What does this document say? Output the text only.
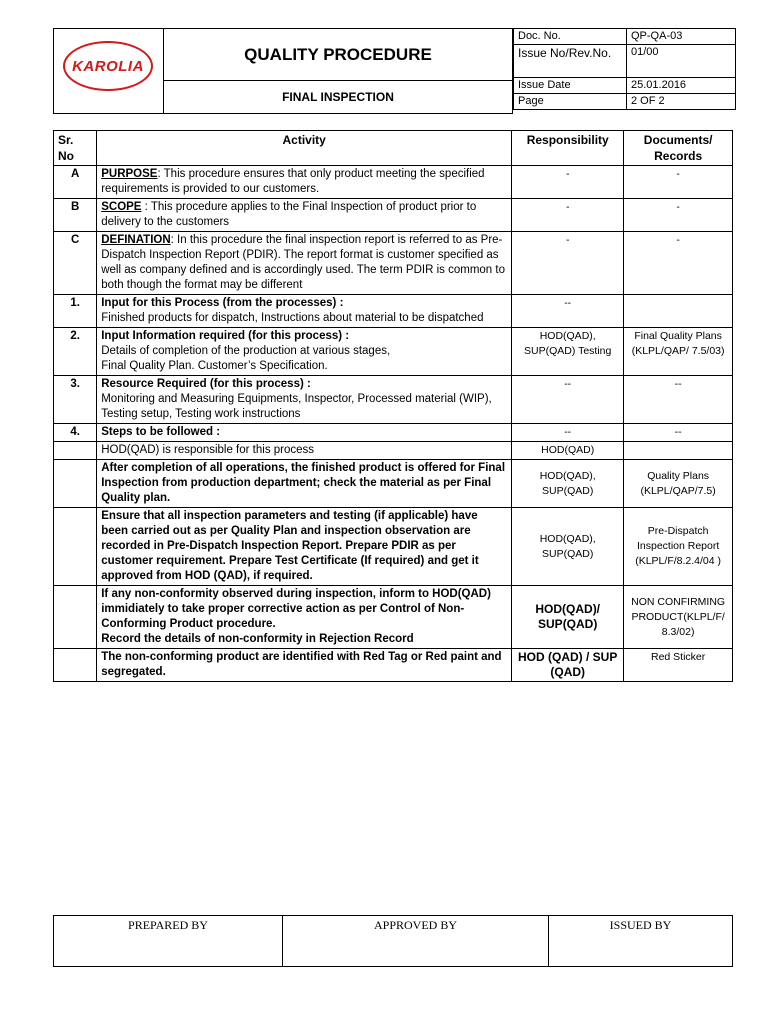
KAROLIA
QUALITY PROCEDURE
FINAL INSPECTION
Doc. No.	QP-QA-03
Issue No/Rev.No.	01/00
Issue Date	25.01.2016
Page	2 OF 2
Sr. No	Activity	Responsibility	Documents/ Records
A	PURPOSE: This procedure ensures that only product meeting the specified requirements is provided to our customers.	-	-
B	SCOPE : This procedure applies to the Final Inspection of product prior to delivery to the customers	-	-
C	DEFINATION: In this procedure the final inspection report is referred to as Pre-Dispatch Inspection Report (PDIR). The report format is customer specified as well as company defined and is accordingly used. The term PDIR is common to both though the format may be different	-	-
1.	Input for this Process (from the processes) :
Finished products for dispatch, Instructions about material to be dispatched	--	
2.	Input Information required (for this process) :
Details of completion of the production at various stages,
Final Quality Plan. Customer’s Specification.	HOD(QAD), SUP(QAD) Testing	Final Quality Plans (KLPL/QAP/ 7.5/03)
3.	Resource Required (for this process) :
Monitoring and Measuring Equipments, Inspector, Processed material (WIP), Testing setup, Testing work instructions	--	--
4.	Steps to be followed :	--	--
	HOD(QAD) is responsible for this process	HOD(QAD)	
	After completion of all operations, the finished product is offered for Final Inspection from production department; check the material as per Final Quality plan.	HOD(QAD), SUP(QAD)	Quality Plans (KLPL/QAP/7.5)
	Ensure that all inspection parameters and testing (if applicable) have been carried out as per Quality Plan and inspection observation are recorded in Pre-Dispatch Inspection Report. Prepare PDIR as per customer requirement. Prepare Test Certificate (If required) and get it approved from HOD (QAD), if required.	HOD(QAD), SUP(QAD)	Pre-Dispatch Inspection Report (KLPL/F/8.2.4/04 )

	If any non-conformity observed during inspection, inform to HOD(QAD) immidiately to take proper corrective action as per Control of Non-Conforming Product procedure.
Record the details of non-conformity in Rejection Record	HOD(QAD)/ SUP(QAD)	NON CONFIRMING PRODUCT(KLPL/F/ 8.3/02)
	The non-conforming product are identified with Red Tag or Red paint and segregated.	HOD (QAD) / SUP (QAD)	Red Sticker
PREPARED BY	APPROVED BY	ISSUED BY
